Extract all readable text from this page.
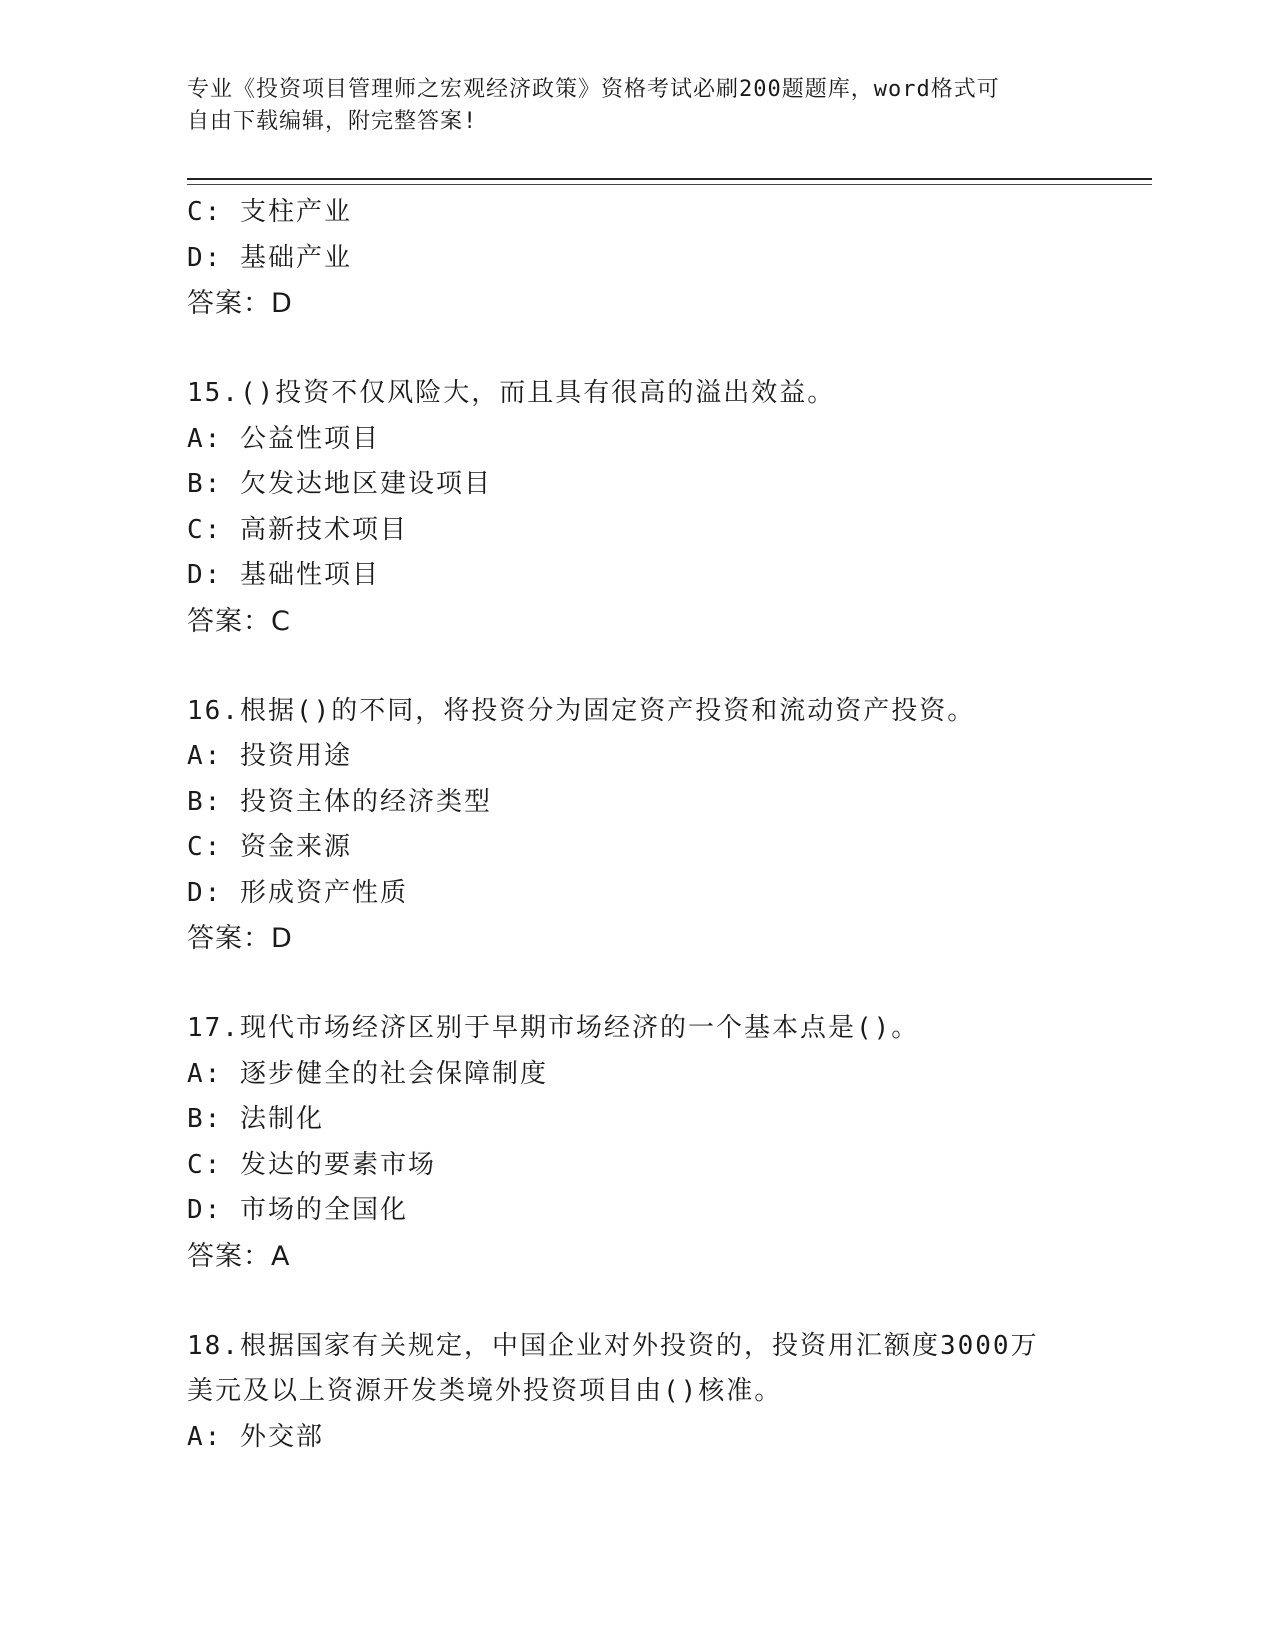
专业《投资项目管理师之宏观经济政策》资格考试必刷200题题库，word格式可
自由下载编辑，附完整答案!
C: 支柱产业
D: 基础产业
答案：D
15.()投资不仅风险大，而且具有很高的溢出效益。
A: 公益性项目
B: 欠发达地区建设项目
C: 高新技术项目
D: 基础性项目
答案：C
16.根据()的不同，将投资分为固定资产投资和流动资产投资。
A: 投资用途
B: 投资主体的经济类型
C: 资金来源
D: 形成资产性质
答案：D
17.现代市场经济区别于早期市场经济的一个基本点是()。
A: 逐步健全的社会保障制度
B: 法制化
C: 发达的要素市场
D: 市场的全国化
答案：A
18.根据国家有关规定，中国企业对外投资的，投资用汇额度3000万
美元及以上资源开发类境外投资项目由()核准。
A: 外交部
